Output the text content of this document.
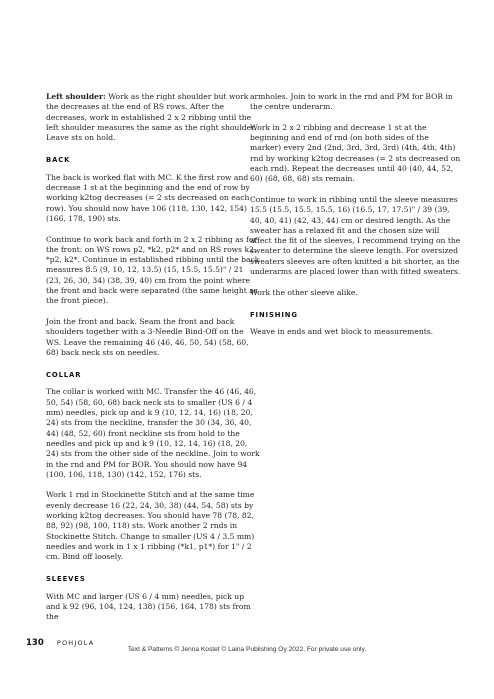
Left shoulder: Work as the right shoulder but work the decreases at the end of RS rows. After the decreases, work in established 2 x 2 ribbing until the left shoulder measures the same as the right shoulder. Leave sts on hold.

BACK

The back is worked flat with MC. K the first row and decrease 1 st at the beginning and the end of row by working k2tog decreases (= 2 sts decreased on each row). You should now have 106 (118, 130, 142, 154) (166, 178, 190) sts.

Continue to work back and forth in 2 x 2 ribbing as for the front: on WS rows p2, *k2, p2* and on RS rows k2, *p2, k2*. Continue in established ribbing until the back measures 8.5 (9, 10, 12, 13.5) (15, 15.5, 15.5)" / 21 (23, 26, 30, 34) (38, 39, 40) cm from the point where the front and back were separated (the same height as the front piece).

Join the front and back. Seam the front and back shoulders together with a 3-Needle Bind-Off on the WS. Leave the remaining 46 (46, 46, 50, 54) (58, 60, 68) back neck sts on needles.

COLLAR

The collar is worked with MC. Transfer the 46 (46, 46, 50, 54) (58, 60, 68) back neck sts to smaller (US 6 / 4 mm) needles, pick up and k 9 (10, 12, 14, 16) (18, 20, 24) sts from the neckline, transfer the 30 (34, 36, 40, 44) (48, 52, 60) front neckline sts from hold to the needles and pick up and k 9 (10, 12, 14, 16) (18, 20, 24) sts from the other side of the neckline. Join to work in the rnd and PM for BOR. You should now have 94 (100, 106, 118, 130) (142, 152, 176) sts.

Work 1 rnd in Stockinette Stitch and at the same time evenly decrease 16 (22, 24, 30, 38) (44, 54, 58) sts by working k2tog decreases. You should have 78 (78, 82, 88, 92) (98, 100, 118) sts. Work another 2 rnds in Stockinette Stitch. Change to smaller (US 4 / 3.5 mm) needles and work in 1 x 1 ribbing (*k1, p1*) for 1" / 2 cm. Bind off loosely.

SLEEVES

With MC and larger (US 6 / 4 mm) needles, pick up and k 92 (96, 104, 124, 138) (156, 164, 178) sts from the

armholes. Join to work in the rnd and PM for BOR in the centre underarm.

Work in 2 x 2 ribbing and decrease 1 st at the beginning and end of rnd (on both sides of the marker) every 2nd (2nd, 3rd, 3rd, 3rd) (4th, 4th, 4th) rnd by working k2tog decreases (= 2 sts decreased on each rnd). Repeat the decreases until 40 (40, 44, 52, 60) (68, 68, 68) sts remain.

Continue to work in ribbing until the sleeve measures 15.5 (15.5, 15.5, 15.5, 16) (16.5, 17, 17.5)" / 39 (39, 40, 40, 41) (42, 43, 44) cm or desired length. As the sweater has a relaxed fit and the chosen size will affect the fit of the sleeves, I recommend trying on the sweater to determine the sleeve length. For oversized sweaters sleeves are often knitted a bit shorter, as the underarms are placed lower than with fitted sweaters.

Work the other sleeve alike.

FINISHING

Weave in ends and wet block to measurements.

130 POHJOLA
Text & Patterns © Jenna Kostet © Laina Publishing Oy 2022. For private use only.
